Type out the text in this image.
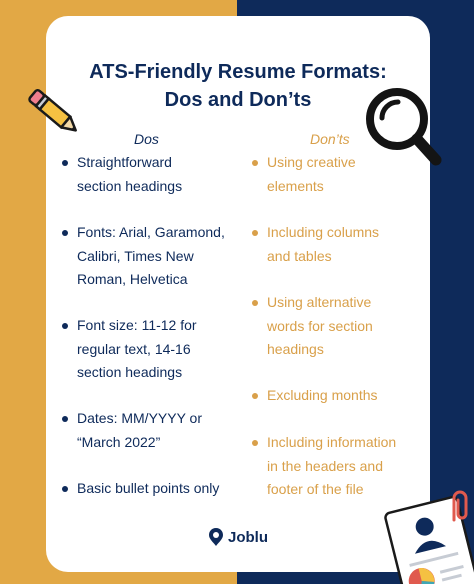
ATS-Friendly Resume Formats:
Dos and Don’ts
Dos	Don’ts
Straightforward
section headings
Fonts: Arial, Garamond,
Calibri, Times New
Roman, Helvetica
Font size: 11-12 for
regular text, 14-16
section headings
Dates: MM/YYYY or
“March 2022”
Basic bullet points only
Using creative
elements
Including columns
and tables
Using alternative
words for section
headings
Excluding months
Including information
in the headers and
footer of the file
Joblu
